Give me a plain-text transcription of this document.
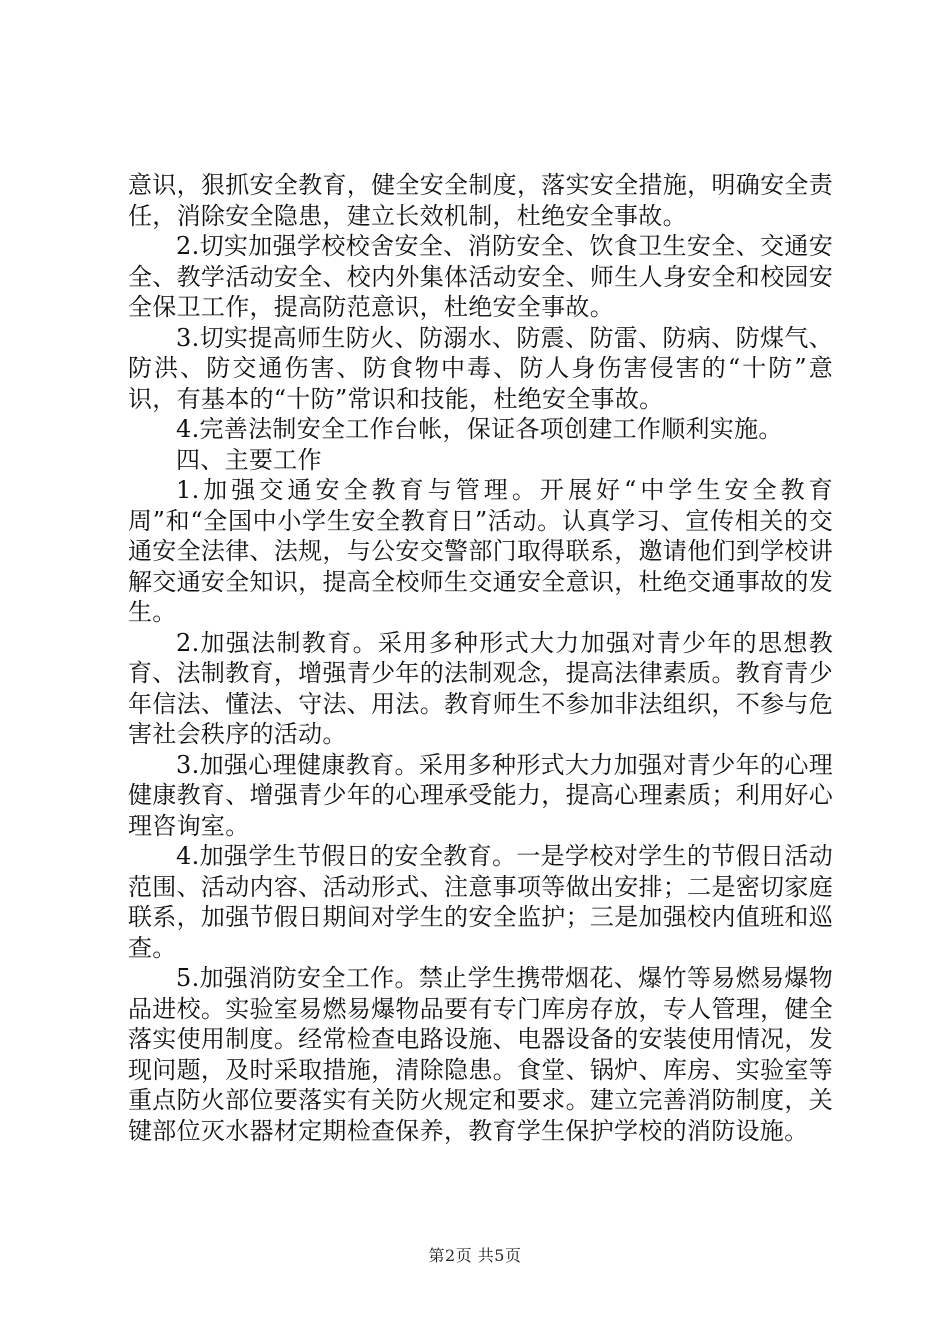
意识，狠抓安全教育，健全安全制度，落实安全措施，明确安全责任，消除安全隐患，建立长效机制，杜绝安全事故。

2.切实加强学校校舍安全、消防安全、饮食卫生安全、交通安全、教学活动安全、校内外集体活动安全、师生人身安全和校园安全保卫工作，提高防范意识，杜绝安全事故。

3.切实提高师生防火、防溺水、防震、防雷、防病、防煤气、防洪、防交通伤害、防食物中毒、防人身伤害侵害的“十防”意识，有基本的“十防”常识和技能，杜绝安全事故。

4.完善法制安全工作台帐，保证各项创建工作顺利实施。

四、主要工作

1.加强交通安全教育与管理。开展好“中学生安全教育周”和“全国中小学生安全教育日”活动。认真学习、宣传相关的交通安全法律、法规，与公安交警部门取得联系，邀请他们到学校讲解交通安全知识，提高全校师生交通安全意识，杜绝交通事故的发生。

2.加强法制教育。采用多种形式大力加强对青少年的思想教育、法制教育，增强青少年的法制观念，提高法律素质。教育青少年信法、懂法、守法、用法。教育师生不参加非法组织，不参与危害社会秩序的活动。

3.加强心理健康教育。采用多种形式大力加强对青少年的心理健康教育、增强青少年的心理承受能力，提高心理素质；利用好心理咨询室。

4.加强学生节假日的安全教育。一是学校对学生的节假日活动范围、活动内容、活动形式、注意事项等做出安排；二是密切家庭联系，加强节假日期间对学生的安全监护；三是加强校内值班和巡查。

5.加强消防安全工作。禁止学生携带烟花、爆竹等易燃易爆物品进校。实验室易燃易爆物品要有专门库房存放，专人管理，健全落实使用制度。经常检查电路设施、电器设备的安装使用情况，发现问题，及时采取措施，清除隐患。食堂、锅炉、库房、实验室等重点防火部位要落实有关防火规定和要求。建立完善消防制度，关键部位灭水器材定期检查保养，教育学生保护学校的消防设施。

第2页 共5页
